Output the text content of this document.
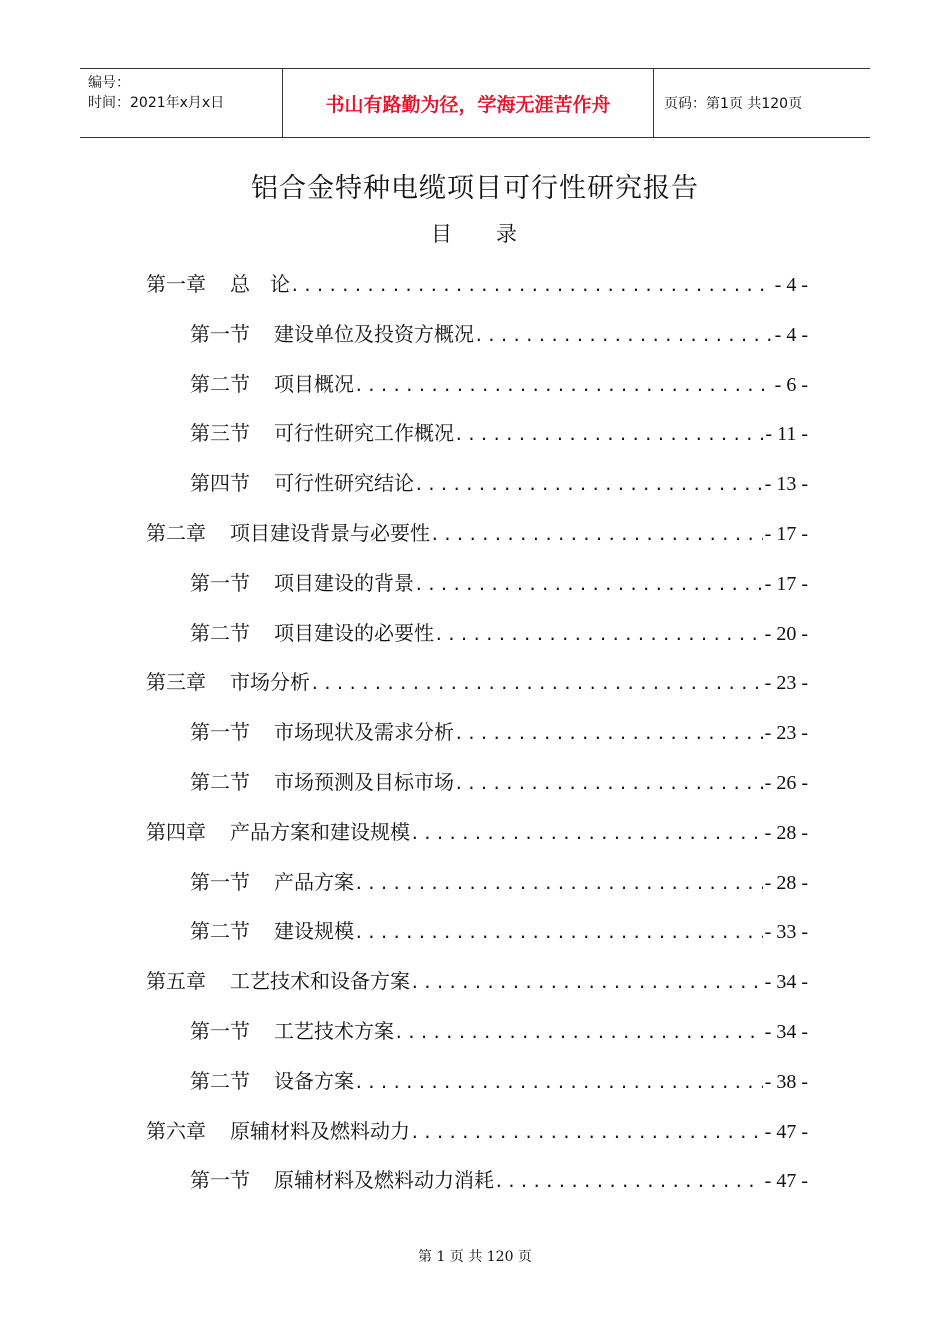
编号：
时间：2021年x月x日	书山有路勤为径，学海无涯苦作舟	页码：第1页 共120页
铝合金特种电缆项目可行性研究报告
目 录
第一章 总　论 .....	- 4 -
第一节 建设单位及投资方概况 .....	- 4 -
第二节 项目概况 .....	- 6 -
第三节 可行性研究工作概况 .....	- 11 -
第四节 可行性研究结论 .....	- 13 -
第二章 项目建设背景与必要性 .....	- 17 -
第一节 项目建设的背景 .....	- 17 -
第二节 项目建设的必要性 .....	- 20 -
第三章 市场分析 .....	- 23 -
第一节 市场现状及需求分析 .....	- 23 -
第二节 市场预测及目标市场 .....	- 26 -
第四章 产品方案和建设规模 .....	- 28 -
第一节 产品方案 .....	- 28 -
第二节 建设规模 .....	- 33 -
第五章 工艺技术和设备方案 .....	- 34 -
第一节 工艺技术方案 .....	- 34 -
第二节 设备方案 .....	- 38 -
第六章 原辅材料及燃料动力 .....	- 47 -
第一节 原辅材料及燃料动力消耗 .....	- 47 -
第 1 页 共 120 页
